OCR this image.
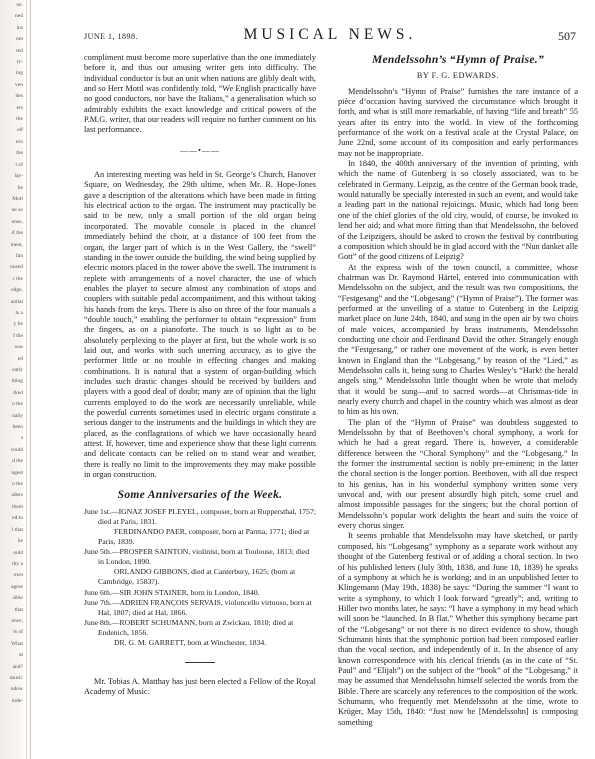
ne.
ned
ins
om
ted
iv-
ing
ven
ites
ers
the
elf
ern
the
t of
lay-
be
Mott
ue so
ense,
if the
ment,
fan
nused
r the
edge,
antial
ts a
y be
f the
was
ed
eatly
thing
rked
o the
ually
been
s
could
d the
ngest
o the
aders
them
ed to
l that
he
ould
thy a
own
agree
sible
that
ence,
ls of
What
at
and?
music
ndow
inde-
JUNE 1, 1898.	MUSICAL NEWS.	507

compliment must become more superlative than the one immediately before it, and thus our amusing writer gets into difficulty. The individual conductor is but an unit when nations are glibly dealt with, and so Herr Mottl was confidently told, “We English practically have no good conductors, nor have the Italians,” a generalisation which so admirably exhibits the exact knowledge and critical powers of the P.M.G. writer, that our readers will require no further comment on his last performance.

——•——

An interesting meeting was held in St. George’s Church, Hanover Square, on Wednesday, the 29th ultime, when Mr. R. Hope-Jones gave a description of the alterations which have been made in fitting his electrical action to the organ. The instrument may practically be said to be new, only a small portion of the old organ being incorporated. The movable console is placed in the chancel immediately behind the choir, at a distance of 100 feet from the organ, the larger part of which is in the West Gallery, the “swell” standing in the tower outside the building, the wind being supplied by electric motors placed in the tower above the swell. The instrument is replete with arrangements of a novel character, the use of which enables the player to secure almost any combination of stops and couplers with suitable pedal accompaniment, and this without taking his hands from the keys. There is also on three of the four manuals a “double touch,” enabling the performer to obtain “expression” from the fingers, as on a pianoforte. The touch is so light as to be absolutely perplexing to the player at first, but the whole work is so laid out, and works with such unerring accuracy, as to give the performer little or no trouble in effecting changes and making combinations. It is natural that a system of organ-building which includes such drastic changes should be received by builders and players with a good deal of doubt; many are of opinion that the light currents employed to do the work are necessarily unreliable, while the powerful currents sometimes used in electric organs constitute a serious danger to the instruments and the buildings in which they are placed, as the conflagrations of which we have occasionally heard attest. If, however, time and experience show that these light currents and delicate contacts can be relied on to stand wear and weather, there is really no limit to the improvements they may make possible in organ construction.

Some Anniversaries of the Week.
June 1st.—IGNAZ JOSEF PLEYEL, composer, born at Ruppersthal, 1757; died at Paris, 1831.
FERDINANDO PAER, composer, born at Parma, 1771; died at Paris, 1839.
June 5th.—PROSPER SAINTON, violinist, born at Toulouse, 1813; died in London, 1890.
ORLANDO GIBBONS, died at Canterbury, 1625; (born at Cambridge, 1583?).
June 6th.—SIR JOHN STAINER, born in London, 1840.
June 7th.—ADRIEN FRANÇOIS SERVAIS, violoncello virtuoso, born at Hal, 1807; died at Hal, 1866.
June 8th.—ROBERT SCHUMANN, born at Zwickau, 1810; died at Endenich, 1856.
DR. G. M. GARRETT, born at Winchester, 1834.

Mr. Tobias A. Matthay has just been elected a Fellow of the Royal Academy of Music.

Mendelssohn’s “Hymn of Praise.”
BY F. G. EDWARDS.

Mendelssohn’s “Hymn of Praise” furnishes the rare instance of a pièce d’occasion having survived the circumstance which brought it forth, and what is still more remarkable, of having “life and breath” 55 years after its entry into the world. In view of the forthcoming performance of the work on a festival scale at the Crystal Palace, on June 22nd, some account of its composition and early performances may not be inappropriate.

In 1840, the 400th anniversary of the invention of printing, with which the name of Gutenberg is so closely associated, was to be celebrated in Germany. Leipzig, as the centre of the German book trade, would naturally be specially interested in such an event, and would take a leading part in the national rejoicings. Music, which had long been one of the chief glories of the old city, would, of course, be invoked to lend her aid; and what more fitting than that Mendelssohn, the beloved of the Leipzigers, should be asked to crown the festival by contributing a composition which should be in glad accord with the “Nun danket alle Gott” of the good citizens of Leipzig?

At the express wish of the town council, a committee, whose chairman was Dr. Raymond Härtel, entered into communication with Mendelssohn on the subject, and the result was two compositions, the “Festgesang” and the “Lobgesang” (“Hymn of Praise”). The former was performed at the unveiling of a statue to Gutenberg in the Leipzig market place on June 24th, 1840, and sung in the open air by two choirs of male voices, accompanied by brass instruments, Mendelssohn conducting one choir and Ferdinand David the other. Strangely enough the “Festgesang,” or rather one movement of the work, is even better known in England than the “Lobgesang,” by reason of the “Lied,” as Mendelssohn calls it, being sung to Charles Wesley’s “Hark! the herald angels sing.” Mendelssohn little thought when he wrote that melody that it would be sung—and to sacred words—at Christmas-tide in nearly every church and chapel in the country which was almost as dear to him as his own.

The plan of the “Hymn of Praise” was doubtless suggested to Mendelssohn by that of Beethoven’s choral symphony, a work for which he had a great regard. There is, however, a considerable difference between the “Choral Symphony” and the “Lobgesang.” In the former the instrumental section is nobly pre-eminent; in the latter the choral section is the longer portion. Beethoven, with all due respect to his genius, has in his wonderful symphony written some very unvocal and, with our present absurdly high pitch, some cruel and almost impossible passages for the singers; but the choral portion of Mendelssohn’s popular work delights the heart and suits the voice of every chorus singer.

It seems probable that Mendelssohn may have sketched, or partly composed, his “Lobgesang” symphony as a separate work without any thought of the Gutenberg festival or of adding a choral section. In two of his published letters (July 30th, 1838, and June 18, 1839) he speaks of a symphony at which he is working; and in an unpublished letter to Klingemann (May 19th, 1838) he says: “During the summer “I want to write a symphony, to which I look forward “greatly”; and, writing to Hiller two months later, he says: “I have a symphony in my head which will soon be “launched. In B flat.” Whether this symphony became part of the “Lobgesang” or not there is no direct evidence to show, though Schumann hints that the symphonic portion had been composed earlier than the vocal section, and independently of it. In the absence of any known correspondence with his clerical friends (as in the case of “St. Paul” and “Elijah”) on the subject of the “book” of the “Lobgesang,” it may be assumed that Mendelssohn himself selected the words from the Bible. There are scarcely any references to the composition of the work. Schumann, who frequently met Mendelssohn at the time, wrote to Krüger, May 15th, 1840: “Just now he [Mendelssohn] is composing something
